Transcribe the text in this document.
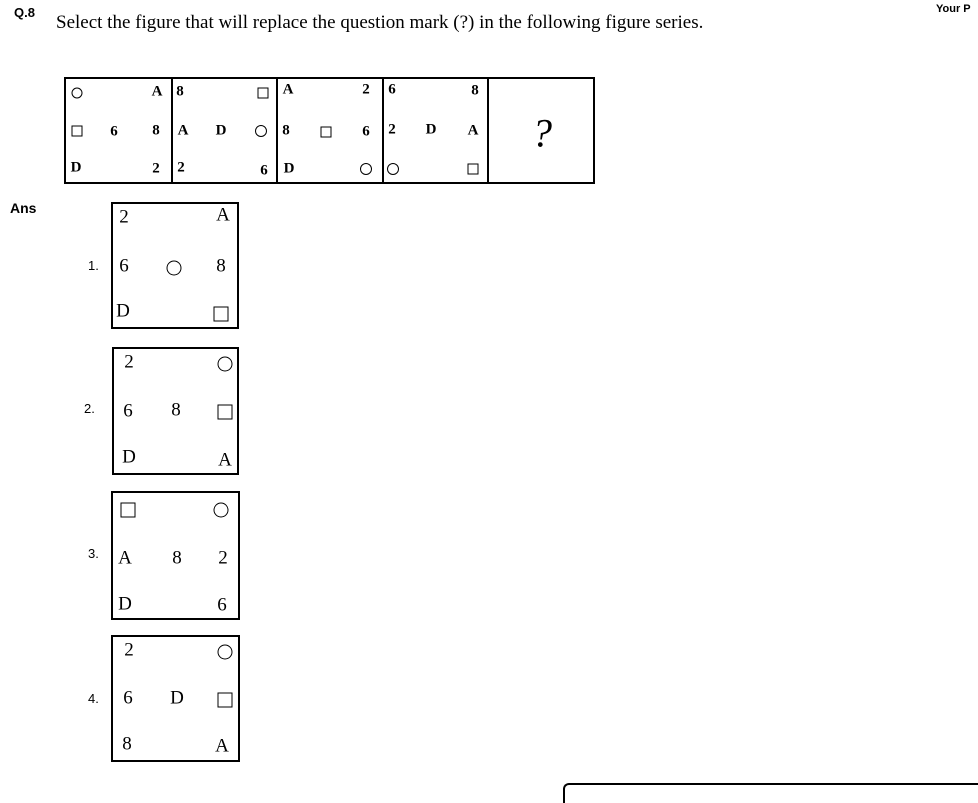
Q.8	Your P
Select the figure that will replace the question mark (?) in the following figure series.
A
6 8
D	2
8
A D
2	6
A	2
8	6
D
6	8
2 D A ?
Ans
1.
2	A
6	8
D
2.
2
6 8
D	A
3. A 8 2
D	6
4.
2
6 D
8	A
